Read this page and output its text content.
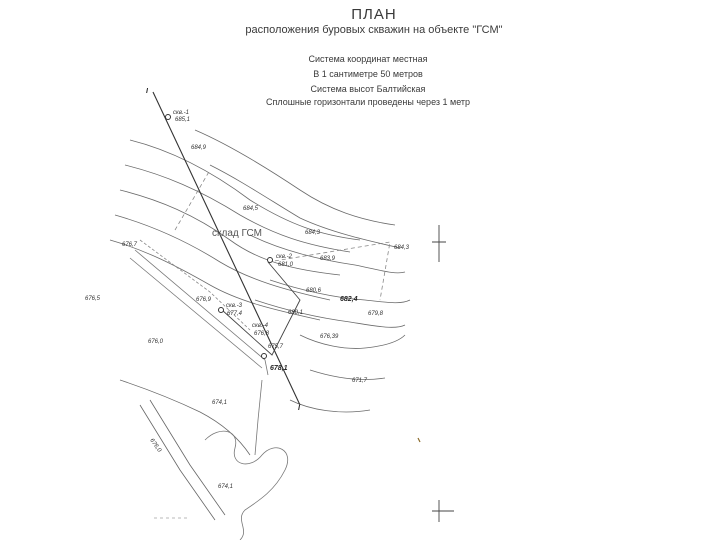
ПЛАН
расположения буровых скважин на объекте "ГСМ"
Система координат местная
В 1 сантиметре 50 метров
Система высот Балтийская
Сплошные горизонтали проведены через 1 метр
I
I
склад ГСМ
скв.-1
685,1
скв.-2
681,0
скв.-3
677,4
скв.-4
676,8
684,9
684,5
684,3
683,9
684,3
676,7
676,9
676,5
676,0
680,6
682,4
680,1	679,8
676,39
675,7
678,1
674,1
676,0
674,1
671,7
